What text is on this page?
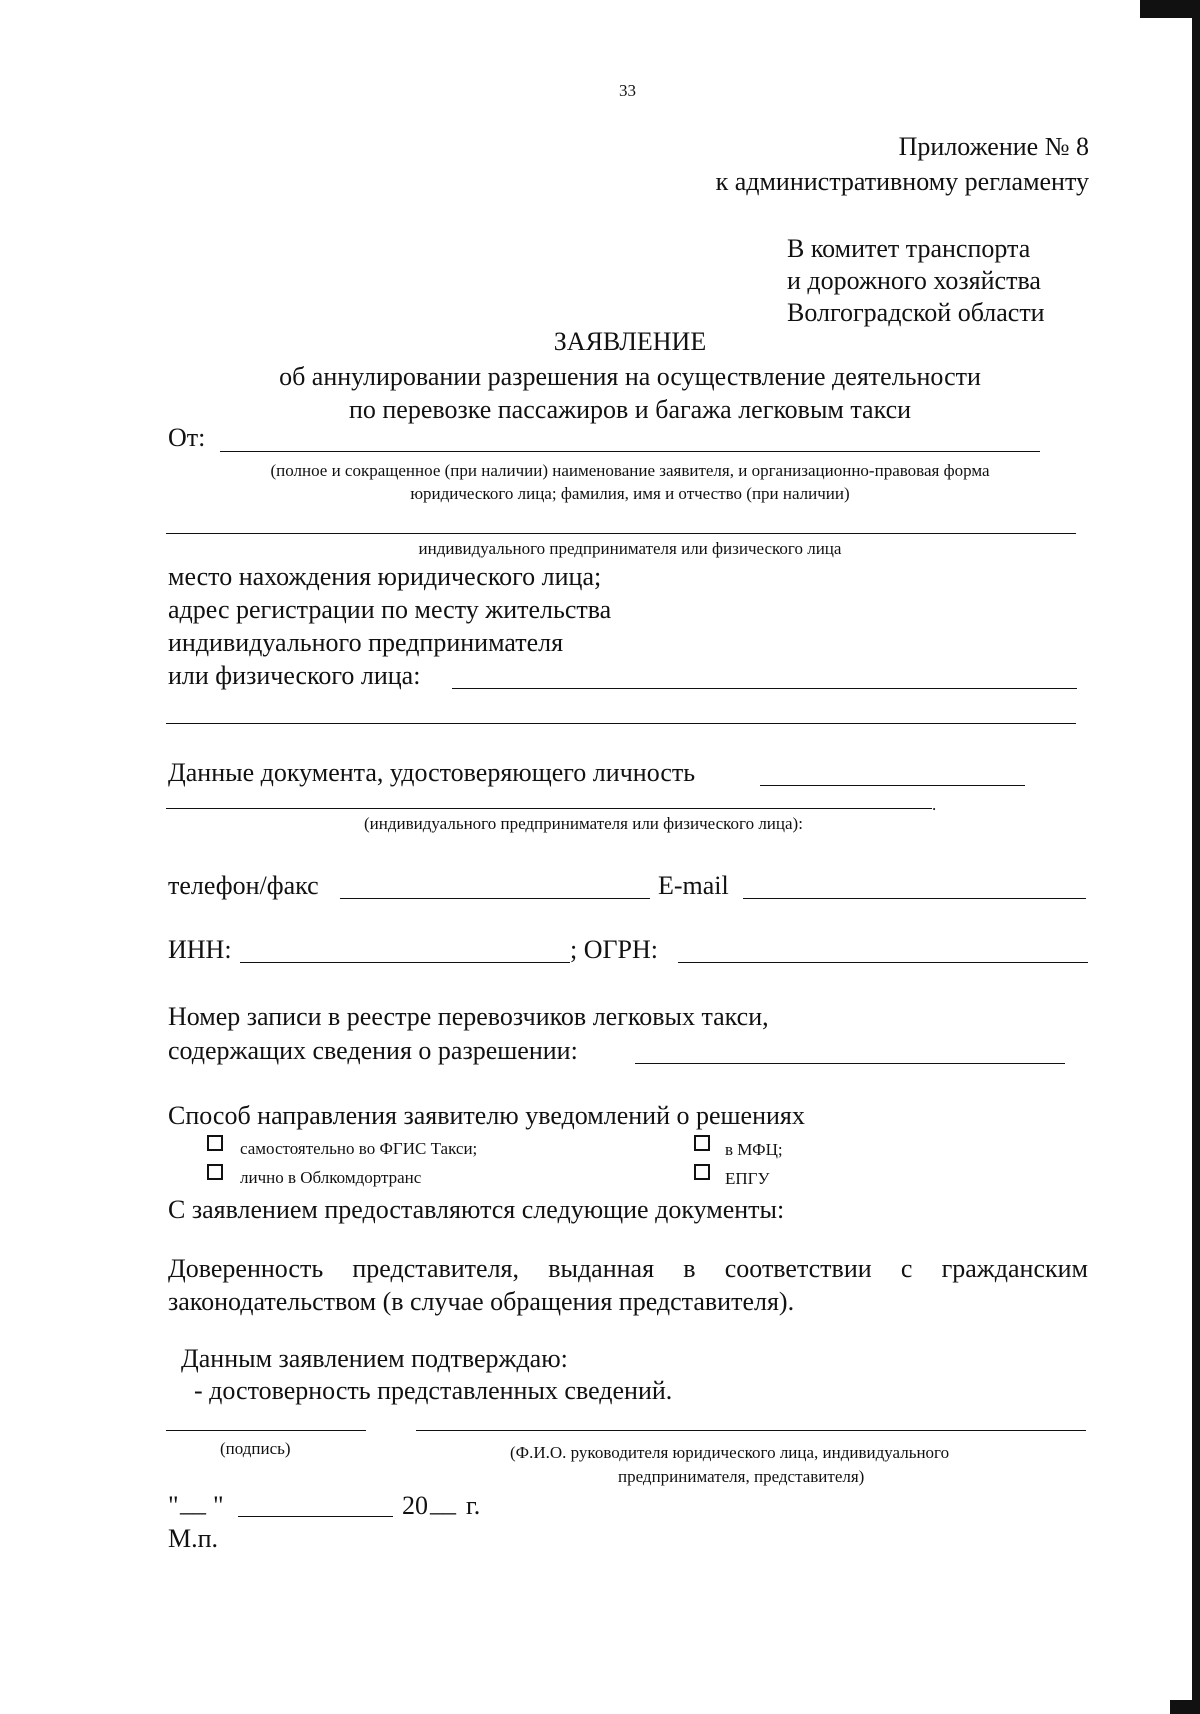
33
Приложение № 8
к административному регламенту
В комитет транспорта
и дорожного хозяйства
Волгоградской области
ЗАЯВЛЕНИЕ
об аннулировании разрешения на осуществление деятельности
по перевозке пассажиров и багажа легковым такси
От:
(полное и сокращенное (при наличии) наименование заявителя, и организационно-правовая форма
юридического лица; фамилия, имя и отчество (при наличии)
индивидуального предпринимателя или физического лица
место нахождения юридического лица;
адрес регистрации по месту жительства
индивидуального предпринимателя
или физического лица:
Данные документа, удостоверяющего личность
.
(индивидуального предпринимателя или физического лица):
телефон/факс	E-mail
ИНН:	; ОГРН:
Номер записи в реестре перевозчиков легковых такси,
содержащих сведения о разрешении:
Способ направления заявителю уведомлений о решениях
самостоятельно во ФГИС Такси;	в МФЦ;
лично в Облкомдортранс	ЕПГУ
С заявлением предоставляются следующие документы:
Доверенность представителя, выданная в соответствии с гражданским
законодательством (в случае обращения представителя).
Данным заявлением подтверждаю:
- достоверность представленных сведений.
(подпись)	(Ф.И.О. руководителя юридического лица, индивидуального
предпринимателя, представителя)
" __ "	20 __ г.
М.п.
